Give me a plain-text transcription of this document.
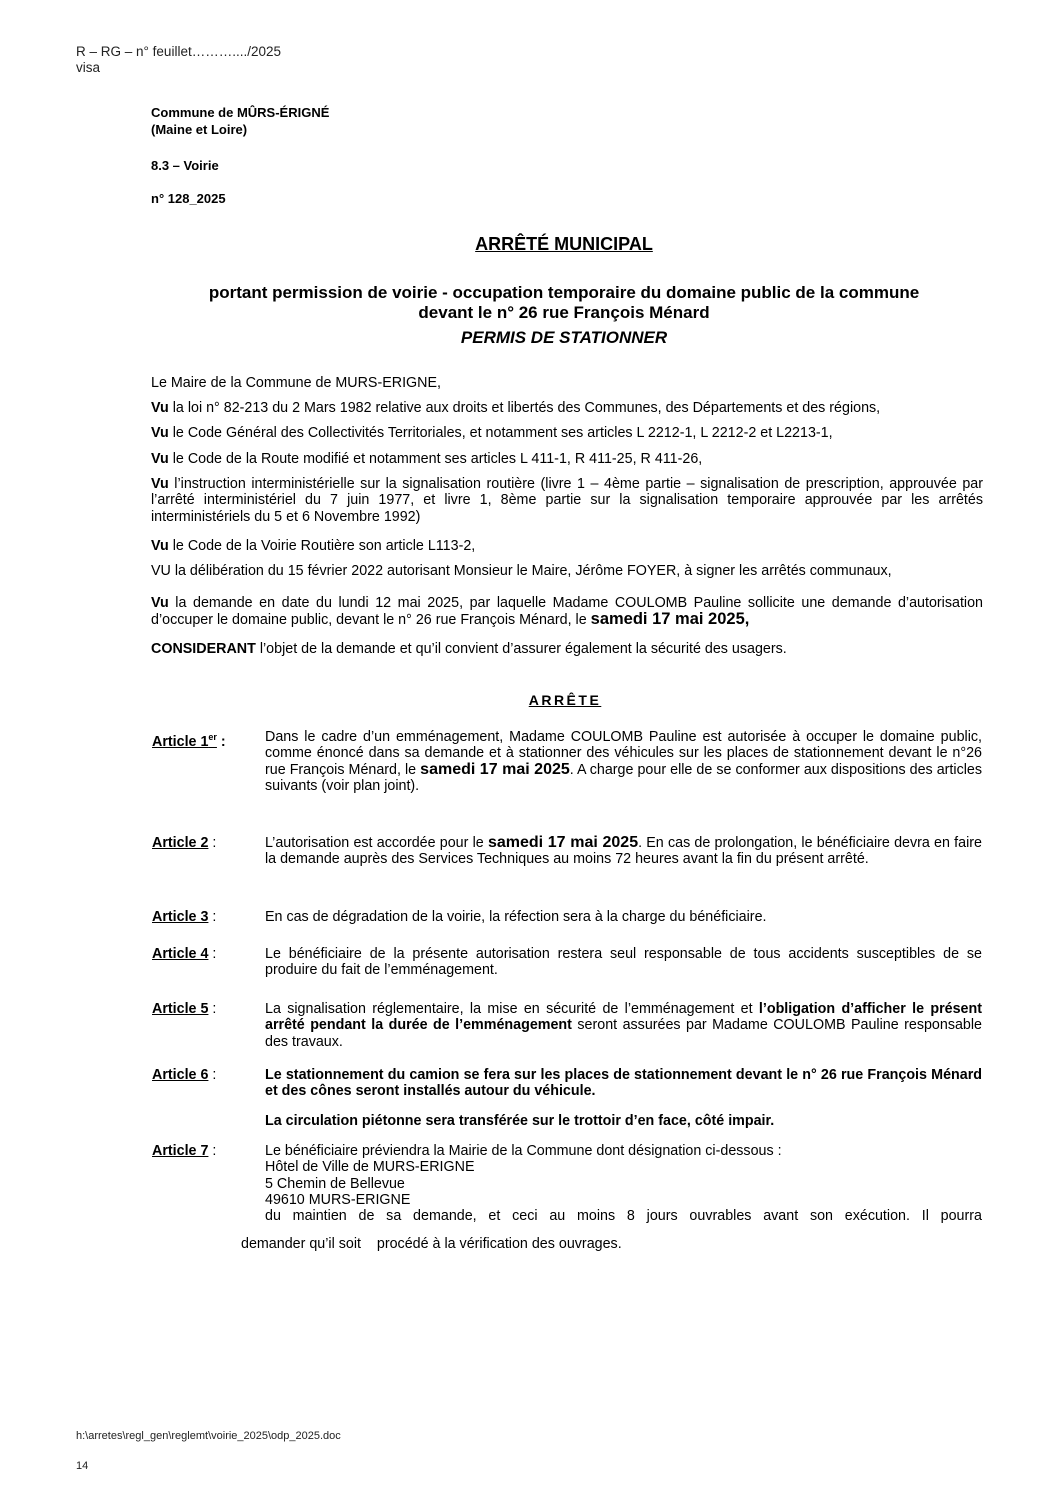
R – RG – n° feuillet………..../2025
visa
Commune de MÛRS-ÉRIGNÉ
(Maine et Loire)
8.3 – Voirie
n° 128_2025
ARRÊTÉ MUNICIPAL
portant permission de voirie - occupation temporaire du domaine public de la commune
devant le n° 26 rue François Ménard
PERMIS DE STATIONNER
Le Maire de la Commune de MURS-ERIGNE,
Vu la loi n° 82-213 du 2 Mars 1982 relative aux droits et libertés des Communes, des Départements et des régions,
Vu le Code Général des Collectivités Territoriales, et notamment ses articles L 2212-1, L 2212-2 et L2213-1,
Vu le Code de la Route modifié et notamment ses articles L 411-1, R 411-25, R 411-26,
Vu l’instruction interministérielle sur la signalisation routière (livre 1 – 4ème partie – signalisation de prescription, approuvée par l’arrêté interministériel du 7 juin 1977, et livre 1, 8ème partie sur la signalisation temporaire approuvée par les arrêtés interministériels du 5 et 6 Novembre 1992)
Vu le Code de la Voirie Routière son article L113-2,
VU la délibération du 15 février 2022 autorisant Monsieur le Maire, Jérôme FOYER, à signer les arrêtés communaux,
Vu la demande en date du lundi 12 mai 2025, par laquelle Madame COULOMB Pauline sollicite une demande d’autorisation d’occuper le domaine public, devant le n° 26 rue François Ménard, le samedi 17 mai 2025,
CONSIDERANT l’objet de la demande et qu’il convient d’assurer également la sécurité des usagers.
ARRÊTE
Article 1er :	Dans le cadre d’un emménagement, Madame COULOMB Pauline est autorisée à occuper le domaine public, comme énoncé dans sa demande et à stationner des véhicules sur les places de stationnement devant le n°26 rue François Ménard, le samedi 17 mai 2025. A charge pour elle de se conformer aux dispositions des articles suivants (voir plan joint).
Article 2 :	L’autorisation est accordée pour le samedi 17 mai 2025. En cas de prolongation, le bénéficiaire devra en faire la demande auprès des Services Techniques au moins 72 heures avant la fin du présent arrêté.
Article 3 :	En cas de dégradation de la voirie, la réfection sera à la charge du bénéficiaire.
Article 4 :	Le bénéficiaire de la présente autorisation restera seul responsable de tous accidents susceptibles de se produire du fait de l’emménagement.
Article 5 :	La signalisation réglementaire, la mise en sécurité de l’emménagement et l’obligation d’afficher le présent arrêté pendant la durée de l’emménagement seront assurées par Madame COULOMB Pauline responsable des travaux.
Article 6 :	Le stationnement du camion se fera sur les places de stationnement devant le n° 26 rue François Ménard et des cônes seront installés autour du véhicule.
La circulation piétonne sera transférée sur le trottoir d’en face, côté impair.
Article 7 :	Le bénéficiaire préviendra la Mairie de la Commune dont désignation ci-dessous :
Hôtel de Ville de MURS-ERIGNE
5 Chemin de Bellevue
49610 MURS-ERIGNE
du maintien de sa demande, et ceci au moins 8 jours ouvrables avant son exécution. Il pourra
demander qu’il soit    procédé à la vérification des ouvrages.
h:\arretes\regl_gen\reglemt\voirie_2025\odp_2025.doc
14
